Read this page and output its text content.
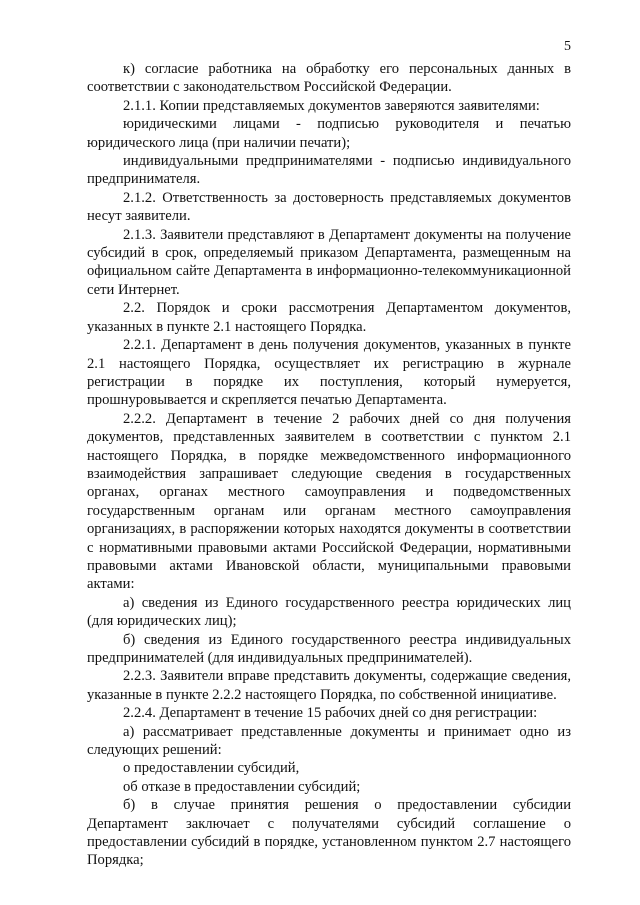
5

к) согласие работника на обработку его персональных данных в соответствии с законодательством Российской Федерации.

2.1.1. Копии представляемых документов заверяются заявителями:

юридическими лицами - подписью руководителя и печатью юридического лица (при наличии печати);

индивидуальными предпринимателями - подписью индивидуального предпринимателя.

2.1.2. Ответственность за достоверность представляемых документов несут заявители.

2.1.3. Заявители представляют в Департамент документы на получение субсидий в срок, определяемый приказом Департамента, размещенным на официальном сайте Департамента в информационно-телекоммуникационной сети Интернет.

2.2. Порядок и сроки рассмотрения Департаментом документов, указанных в пункте 2.1 настоящего Порядка.

2.2.1. Департамент в день получения документов, указанных в пункте 2.1 настоящего Порядка, осуществляет их регистрацию в журнале регистрации в порядке их поступления, который нумеруется, прошнуровывается и скрепляется печатью Департамента.

2.2.2. Департамент в течение 2 рабочих дней со дня получения документов, представленных заявителем в соответствии с пунктом 2.1 настоящего Порядка, в порядке межведомственного информационного взаимодействия запрашивает следующие сведения в государственных органах, органах местного самоуправления и подведомственных государственным органам или органам местного самоуправления организациях, в распоряжении которых находятся документы в соответствии с нормативными правовыми актами Российской Федерации, нормативными правовыми актами Ивановской области, муниципальными правовыми актами:

а) сведения из Единого государственного реестра юридических лиц (для юридических лиц);

б) сведения из Единого государственного реестра индивидуальных предпринимателей (для индивидуальных предпринимателей).

2.2.3. Заявители вправе представить документы, содержащие сведения, указанные в пункте 2.2.2 настоящего Порядка, по собственной инициативе.

2.2.4. Департамент в течение 15 рабочих дней со дня регистрации:

а) рассматривает представленные документы и принимает одно из следующих решений:

о предоставлении субсидий,

об отказе в предоставлении субсидий;

б) в случае принятия решения о предоставлении субсидии Департамент заключает с получателями субсидий соглашение о предоставлении субсидий в порядке, установленном пунктом 2.7 настоящего Порядка;
